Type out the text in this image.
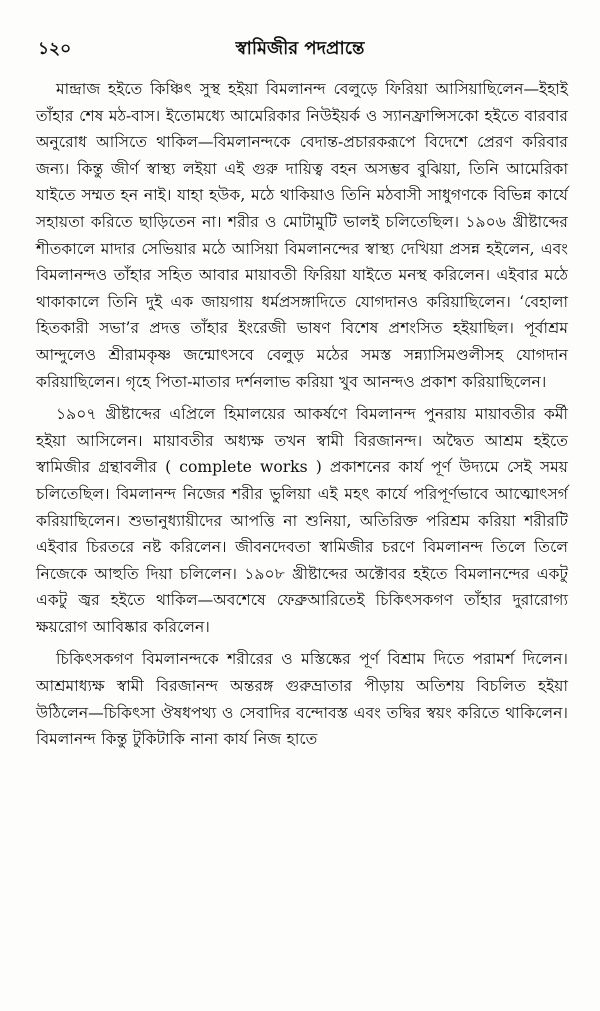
১২০	স্বামিজীর পদপ্রান্তে

মান্দ্রাজ হইতে কিঞ্চিৎ সুস্থ হইয়া বিমলানন্দ বেলুড়ে ফিরিয়া আসিয়াছিলেন—ইহাই তাঁহার শেষ মঠ-বাস। ইতোমধ্যে আমেরিকার নিউইয়র্ক ও স্যানফ্রান্সিসকো হইতে বারবার অনুরোধ আসিতে থাকিল—বিমলানন্দকে বেদান্ত-প্রচারকরূপে বিদেশে প্রেরণ করিবার জন্য। কিন্তু জীর্ণ স্বাস্থ্য লইয়া এই গুরু দায়িত্ব বহন অসম্ভব বুঝিয়া, তিনি আমেরিকা যাইতে সম্মত হন নাই। যাহা হউক, মঠে থাকিয়াও তিনি মঠবাসী সাধুগণকে বিভিন্ন কার্যে সহায়তা করিতে ছাড়িতেন না। শরীর ও মোটামুটি ভালই চলিতেছিল। ১৯০৬ খ্রীষ্টাব্দের শীতকালে মাদার সেভিয়ার মঠে আসিয়া বিমলানন্দের স্বাস্থ্য দেখিয়া প্রসন্ন হইলেন, এবং বিমলানন্দও তাঁহার সহিত আবার মায়াবতী ফিরিয়া যাইতে মনস্থ করিলেন। এইবার মঠে থাকাকালে তিনি দুই এক জায়গায় ধর্মপ্রসঙ্গাদিতে যোগদানও করিয়াছিলেন। ‘বেহালা হিতকারী সভা’র প্রদত্ত তাঁহার ইংরেজী ভাষণ বিশেষ প্রশংসিত হইয়াছিল। পূর্বাশ্রম আন্দুলেও শ্রীরামকৃষ্ণ জন্মোৎসবে বেলুড় মঠের সমস্ত সন্ন্যাসিমণ্ডলীসহ যোগদান করিয়াছিলেন। গৃহে পিতা-মাতার দর্শনলাভ করিয়া খুব আনন্দও প্রকাশ করিয়াছিলেন।

১৯০৭ খ্রীষ্টাব্দের এপ্রিলে হিমালয়ের আকর্ষণে বিমলানন্দ পুনরায় মায়াবতীর কর্মী হইয়া আসিলেন। মায়াবতীর অধ্যক্ষ তখন স্বামী বিরজানন্দ। অদ্বৈত আশ্রম হইতে স্বামিজীর গ্রন্থাবলীর ( complete works ) প্রকাশনের কার্য পূর্ণ উদ্যমে সেই সময় চলিতেছিল। বিমলানন্দ নিজের শরীর ভুলিয়া এই মহৎ কার্যে পরিপূর্ণভাবে আত্মোৎসর্গ করিয়াছিলেন। শুভানুধ্যায়ীদের আপত্তি না শুনিয়া, অতিরিক্ত পরিশ্রম করিয়া শরীরটি এইবার চিরতরে নষ্ট করিলেন। জীবনদেবতা স্বামিজীর চরণে বিমলানন্দ তিলে তিলে নিজেকে আহুতি দিয়া চলিলেন। ১৯০৮ খ্রীষ্টাব্দের অক্টোবর হইতে বিমলানন্দের একটু একটু জ্বর হইতে থাকিল—অবশেষে ফেব্রুআরিতেই চিকিৎসকগণ তাঁহার দুরারোগ্য ক্ষয়রোগ আবিষ্কার করিলেন।

চিকিৎসকগণ বিমলানন্দকে শরীরের ও মস্তিষ্কের পূর্ণ বিশ্রাম দিতে পরামর্শ দিলেন। আশ্রমাধ্যক্ষ স্বামী বিরজানন্দ অন্তরঙ্গ গুরুভ্রাতার পীড়ায় অতিশয় বিচলিত হইয়া উঠিলেন—চিকিৎসা ঔষধপথ্য ও সেবাদির বন্দোবস্ত এবং তদ্বির স্বয়ং করিতে থাকিলেন। বিমলানন্দ কিন্তু টুকিটাকি নানা কার্য নিজ হাতে
